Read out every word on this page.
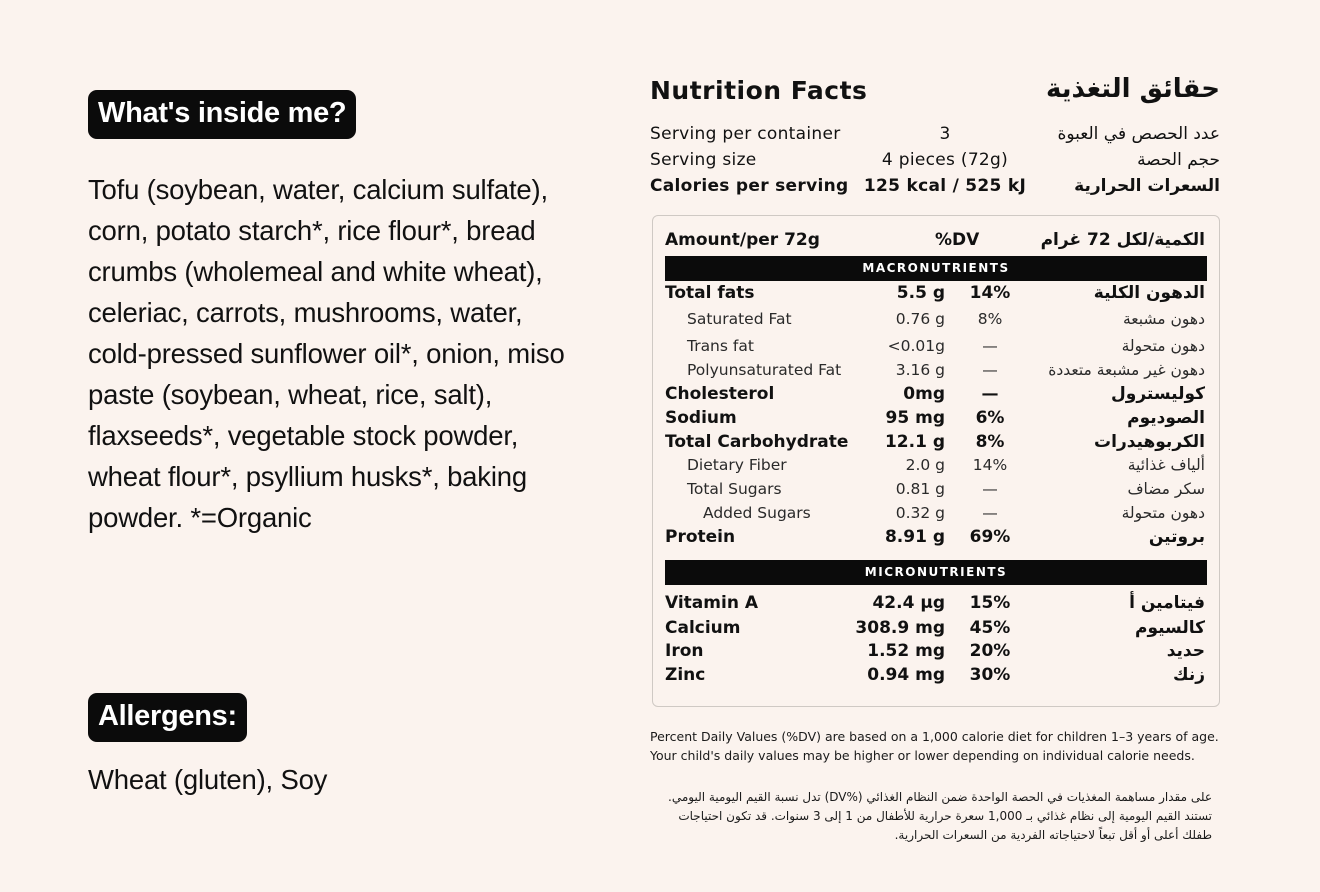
What's inside me?
Tofu (soybean, water, calcium sulfate), corn, potato starch*, rice flour*, bread crumbs (wholemeal and white wheat), celeriac, carrots, mushrooms, water, cold-pressed sunflower oil*, onion, miso paste (soybean, wheat, rice, salt), flaxseeds*, vegetable stock powder, wheat flour*, psyllium husks*, baking powder. *=Organic
Allergens:
Wheat (gluten), Soy
Nutrition Facts	حقائق التغذية
Serving per container	3	عدد الحصص في العبوة
Serving size	4 pieces (72g)	حجم الحصة
Calories per serving 125 kcal / 525 kJ	السعرات الحرارية
Amount/per 72g	%DV	الكمية/لكل 72 غرام
MACRONUTRIENTS
MICRONUTRIENTS
Total fats	5.5 g 14%	الدهون الكلية
Saturated Fat	0.76 g	8%	دهون مشبعة
Trans fat	<0.01g	—	دهون متحولة
Polyunsaturated Fat	3.16 g	—	دهون غير مشبعة متعددة
Cholesterol	0mg	—	كوليسترول
Sodium	95 mg	6%	الصوديوم
Total Carbohydrate	12.1 g	8%	الكربوهيدرات
Dietary Fiber	2.0 g	14%	ألياف غذائية
Total Sugars	0.81 g	—	سكر مضاف
Added Sugars	0.32 g	—	دهون متحولة
Protein	8.91 g 69%	بروتين
Vitamin A	42.4 µg 15%	فيتامين أ
Calcium	308.9 mg 45%	كالسيوم
Iron	1.52 mg 20%	حديد
Zinc	0.94 mg 30%	زنك
Percent Daily Values (%DV) are based on a 1,000 calorie diet for children 1–3 years of age. Your child's daily values may be higher or lower depending on individual calorie needs.
على مقدار مساهمة المغذيات في الحصة الواحدة ضمن النظام الغذائي (%DV) تدل نسبة القيم اليومية اليومي. تستند القيم اليومية إلى نظام غذائي بـ 1,000 سعرة حرارية للأطفال من 1 إلى 3 سنوات. قد تكون احتياجات طفلك أعلى أو أقل تبعاً لاحتياجاته الفردية من السعرات الحرارية.
